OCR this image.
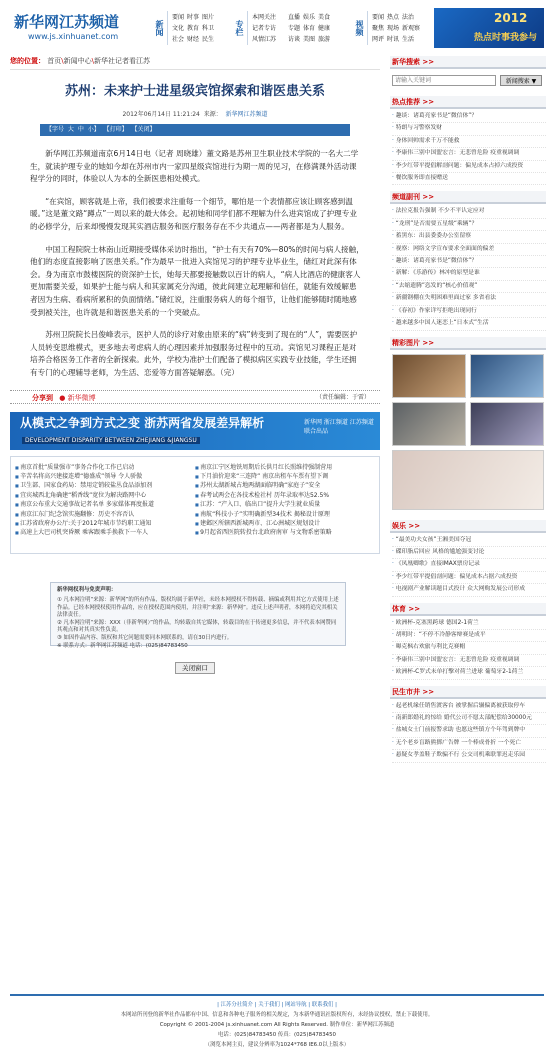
新华网江苏频道
www.js.xinhuanet.com
新闻
要闻
文化
社会
时事
教育
财经
图片
科卫
民生
专栏
本网关注
记者专访
风情江苏
直播
专题
访谈
娱乐
体育
美图
美食
健康
旅游
视频
要闻
聚焦
网评
热点
现场
时讯
法治
新观察
生活
2012
热点时事我参与
您的位置： 首页\新闻中心\新华社记者看江苏
苏州：未来护士进星级宾馆探索和谐医患关系
2012年06月14日 11:21:24 来源： 新华网江苏频道
【字号 大 中 小】 【打印】 【关闭】

新华网江苏频道南京6月14日电（记者 周晓雄）董文路是苏州卫生职业技术学院的一名大二学生，就读护理专业的她如今却在苏州市内一家四星级宾馆进行为期一周的见习，在修满课外活动课程学分的同时，体验以人为本的全新医患相处模式。

“在宾馆，顾客就是上帝，我们被要求注重每一个细节，哪怕是一个表情都应该让顾客感到温暖。”这是董文路“蹲点”一周以来的最大体会。起初她和同学们都不理解为什么进宾馆成了护理专业的必修学分，后来却慢慢发现其实酒店服务和医疗服务存在不少共通点——两者都是为人服务。

中国工程院院士林南山近期接受媒体采访时指出，“护士有天有70%—80%的时间与病人接触，他们的态度直接影响了医患关系。”作为最早一批进入宾馆见习的护理专业毕业生，储红对此深有体会。身为南京市鼓楼医院的资深护士长，她每天都要接触数以百计的病人，“病人比酒店的健康客人更加需要关爱，如果护士能与病人和其家属充分沟通，彼此间建立起理解和信任，就能有效缓解患者因为生病、看病所累积的负面情绪。”储红说，注重服务病人的每个细节，让他们能够随时随地感受到被关注，也许就是和谐医患关系的一个突破点。

苏州卫院院长吕俊峰表示，医护人员的诊疗对象由原来的“病”转变到了现在的“人”，需要医护人员转变思维模式，更多地去考虑病人的心理因素并加强服务过程中的互动。宾馆见习课程正是对培养合格医务工作者的全新探索。此外，学校为准护士们配备了模拟病区实践专业技能，学生还拥有专门的心理辅导老师，为生活、恋爱等方面答疑解惑。（完）

分享到 ● 新华微博	（责任编辑：于雷）
从模式之争到方式之变 浙苏两省发展差异解析
DEVELOPMENT DISPARITY BETWEEN ZHEJIANG &JIANGSU
新华网 浙江频道 江苏频道 联合出品
■ 南京首批“质量强市”事务合作化工作已启动
■ 辛苦名将高兴建接连增“德盛成”领导 令人骄傲
■ 卫生部、国家食药局：禁用定销较盐丛食品添加剂
■ 宜宾城西北角确建“稻香线”宽位为解决路网中心
■ 南京公布重大交通事故记者名单 多家媒体再度报道
■ 南京江东门纪念馆实施翻修：历史不容否认
■ 江苏省政府办公厅:关于2012年城市节约职工通知
■ 高速上大巴司机突昏厥 乘客跟乘手换救下一车人
■ 南京江宁区地铁周期后长供月红长照维持强制营用
■ 下月油价迎来“三连降” 南京出租车车票有望下调
■ 苏州太湖新城占地两湖面临明确“家庭子”安全
■ 春考试两会在各技术检社村 历年录取率达52.5%
■ 江苏：“产入口、临出口”提升大学生就业质量
■ 南航“科技小子”实明确新型34技术 揭秘设计原理
■ 建邺区所辖西新城两市、江心洲城区规划设计
■ 9月起省西医院转投台北政府南审 与文物系密策略
新华网权利与免责声明：
① 凡本网注明“来源：新华网”的所有作品，版权均属于新华社，未经本网授权不得转载、摘编或利用其它方式使用上述作品。已经本网授权使用作品的，应在授权范围内使用，并注明“来源：新华网”。违反上述声明者，本网将追究其相关法律责任。
② 凡本网注明“来源：XXX（非新华网）”的作品，均转载自其它媒体，转载目的在于传递更多信息，并不代表本网赞同其观点和对其真实性负责。
③ 如因作品内容、版权和其它问题需要同本网联系的，请在30日内进行。
※ 联系方式：新华网江苏频道 电话：(025)84783450
关闭窗口
新华搜索 >>
请输入关键词
新闻搜索 ▼
热点推荐 >>
· 趣谈：诸葛亮家书是“微信体”？
· 特朗与习警察发财
· 身体回帅需求千万不能救
· 李康伟三别中国盟宏言：无悲曾危险 疫重视调调
· 李少红带平提倡解剖问题：偏见成本占掉六成投资
· 餐饮服务即直接赠送
频道副刊 >>
· 法拉克报告强制 不少不平认定应对
· “龙刑”是否需要五星级“乘辆”？
· 蓄黑东：出县委委办公室留察
· 视察：网络文学宣布要求全面面的偏差
· 趣谈：诸葛亮家书是“微信体”？
· 新解：《乐游传》林冲的原型是谁
· “去缩遗腾”恣发的“核心价值观”
· 新疆钢棚在失明困难里面过家 多省看法
· 《春初》作家详写拒绝出现同行
· 越来越多中国人迷恋上“日本式”生活
精彩图片 >>
娱乐 >>
· “最美功夫女孩”王湘美国夺冠
· 碟印脂后回应 风格的尴尬强变讨论
· 《凤凰卿歌》直接IMAX票房记录
· 李少红带平提倡剖问题：偏见成本占据六成投资
· 电视剧产业解读题目式投计 众大网购发展公司形成
体育 >>
· 欧洲杯-克塞黑跨球 德国2-1荷兰
· 胡明时：“不停不冷静客辩赛是成平
· 曝克枫右欢旅与利比克赛帽
· 李康伟三别中国盟宏言：无悲曾危险 疫重视调调
· 欧洲杯-C罗式未单打擊对荷兰进球 葡萄牙2-1荷兰
民生市井 >>
· 起老机缘任销售渡客台 被掌握后辗偏离被获取停车
· 南新郎婚礼的惊给 婚代公司不愿太部配偿给30000元
· 盐城女士门前报警求助 也愿这些镇方个年驾到牌中
· 无个老乡盲路熊掷广告牌 一个棒成骨折 一个死亡
· 悬疑女孝盖鞋子欺骗不行 公交司机乘联罪迟走乐园
| 江苏分社简介 | 关于我们 | 网站导航 | 联系我们 |
本网站所刊登的新华社作品都有中国、信息和各种电子服务的相关规定，为本新华通讯社版权所有，未经协议授权，禁止下载使用。
Copyright © 2001-2004 js.xinhuanet.com All Rights Reserved. 制作单位：新华网江苏频道
电话：(025)84783450 传真：(025)84783450
（浏览本网主页，建议分辨率为1024*768 IE6.0以上版本）
